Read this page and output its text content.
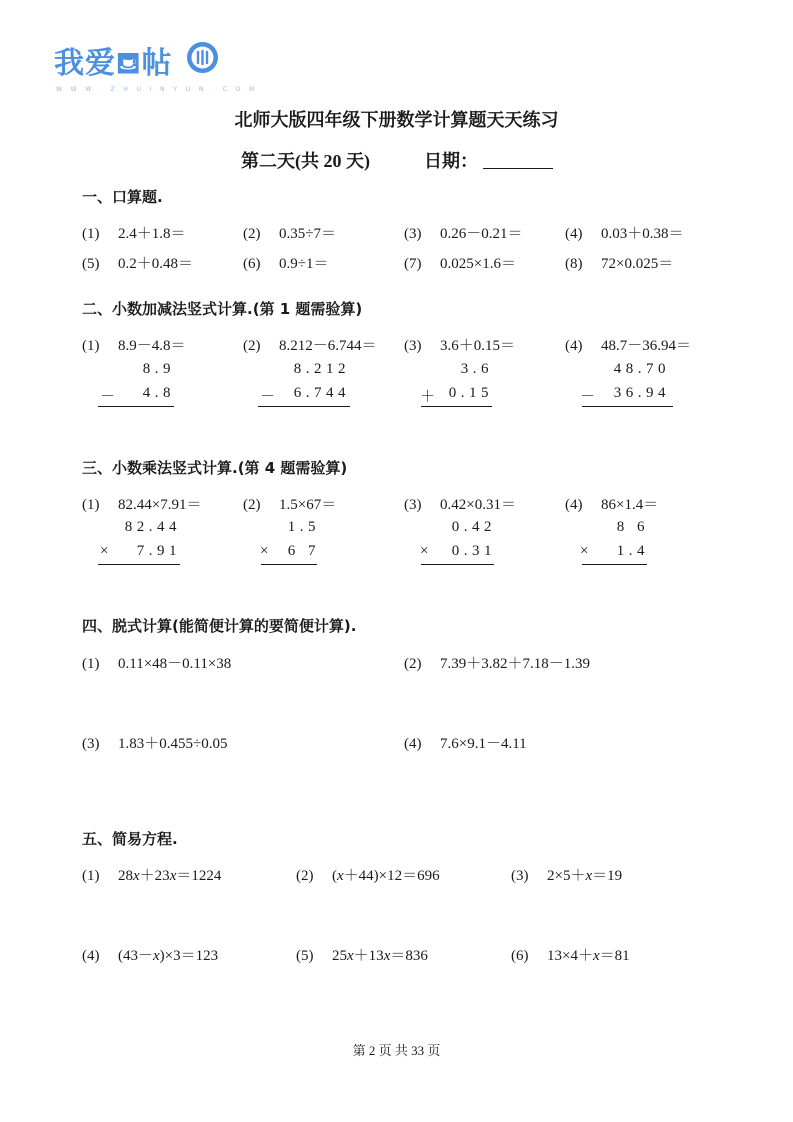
我爱⛾帖
W W W . Z H U I N Y U N . C O M
北师大版四年级下册数学计算题天天练习
第二天(共 20 天)	日期：
一、口算题.
(1) 2.4＋1.8＝	(2) 0.35÷7＝	(3) 0.26－0.21＝	(4) 0.03＋0.38＝
(5) 0.2＋0.48＝	(6) 0.9÷1＝	(7) 0.025×1.6＝	(8) 72×0.025＝
二、小数加减法竖式计算.(第 1 题需验算)
(1) 8.9－4.8＝	(2) 8.212－6.744＝ (3) 3.6＋0.15＝	(4) 48.7－36.94＝
8.9
－	4.8
8.212
－	6.744
3.6
＋ 0.15
48.70
－	36.94
三、小数乘法竖式计算.(第 4 题需验算)
(1) 82.44×7.91＝	(2) 1.5×67＝	(3) 0.42×0.31＝	(4) 86×1.4＝
82.44
×	7.91
1.5
×	6 7
0.42
×	0.31
8 6
×	1.4
四、脱式计算(能简便计算的要简便计算).
(1) 0.11×48－0.11×38	(2) 7.39＋3.82＋7.18－1.39
(3) 1.83＋0.455÷0.05	(4) 7.6×9.1－4.11
五、简易方程.
(1) 28x＋23x＝1224	(2) (x＋44)×12＝696	(3) 2×5＋x＝19
(4) (43－x)×3＝123	(5) 25x＋13x＝836	(6) 13×4＋x＝81
第 2 页 共 33 页
